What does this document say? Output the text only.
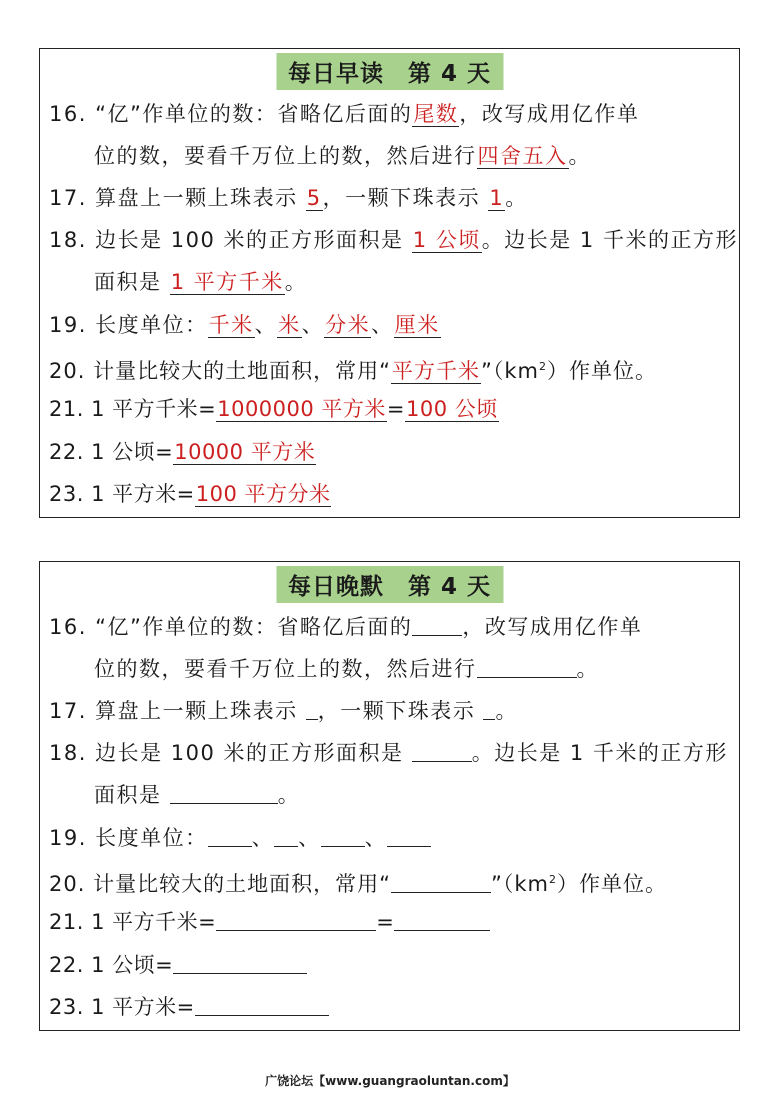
每日早读　第 4 天
16. “亿”作单位的数：省略亿后面的尾数，改写成用亿作单
位的数，要看千万位上的数，然后进行四舍五入。
17. 算盘上一颗上珠表示 5，一颗下珠表示 1。
18. 边长是 100 米的正方形面积是 1 公顷。边长是 1 千米的正方形
面积是 1 平方千米。
19. 长度单位：千米、米、分米、厘米
20. 计量比较大的土地面积，常用“平方千米$”(km^2)$作单位。
21. 1 平方千米=1000000 平方米=100 公顷
22. 1 公顷=10000 平方米
23. 1 平方米=100 平方分米
每日晚默　第 4 天
16. “亿”作单位的数：省略亿后面的 ，改写成用亿作单
位的数，要看千万位上的数，然后进行	。
17. 算盘上一颗上珠表示 ，一颗下珠表示 。
18. 边长是 100 米的正方形面积是	。边长是 1 千米的正方形
面积是	。
19. 长度单位： 、 、 、
20. 计量比较大的土地面积，常用“	$”(km^2)$作单位。
21. 1 平方千米=	=
22. 1 公顷=
23. 1 平方米=
广饶论坛【www.guangraoluntan.com】
